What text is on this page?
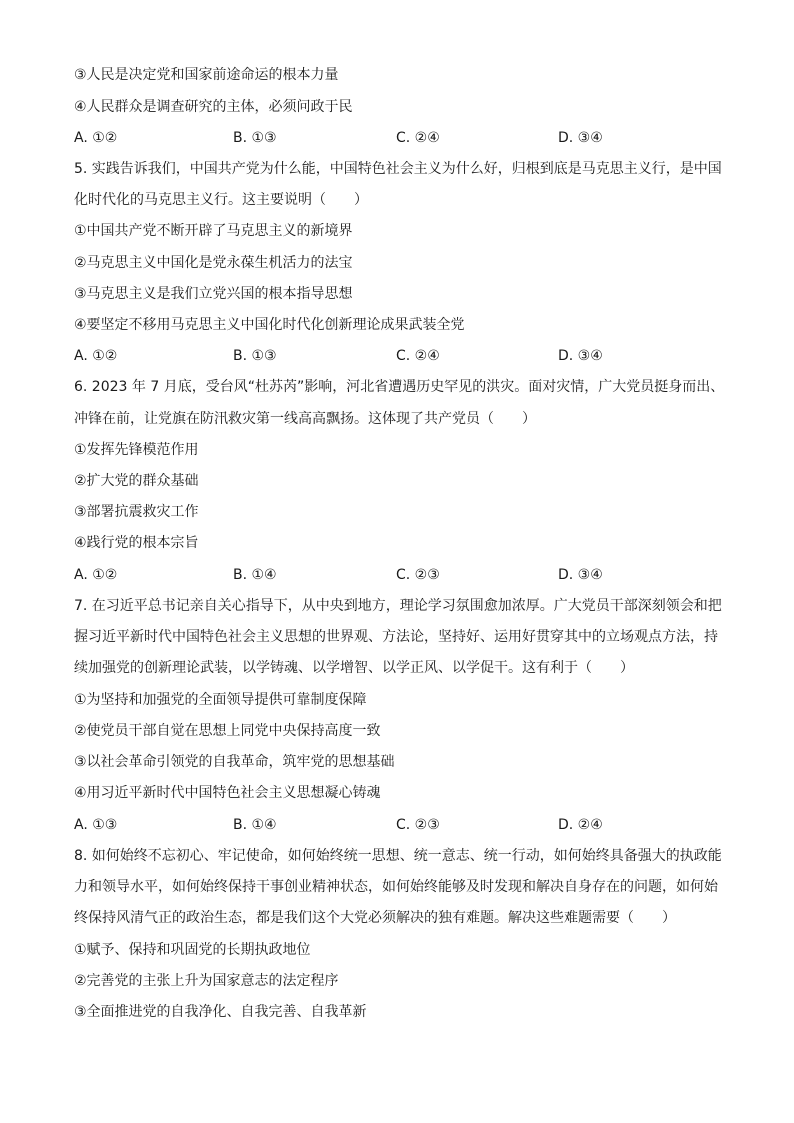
③人民是决定党和国家前途命运的根本力量
④人民群众是调查研究的主体，必须问政于民
A. ①②	B. ①③	C. ②④	D. ③④
5. 实践告诉我们，中国共产党为什么能，中国特色社会主义为什么好，归根到底是马克思主义行，是中国
化时代化的马克思主义行。这主要说明（　　）
①中国共产党不断开辟了马克思主义的新境界
②马克思主义中国化是党永葆生机活力的法宝
③马克思主义是我们立党兴国的根本指导思想
④要坚定不移用马克思主义中国化时代化创新理论成果武装全党
A. ①②	B. ①③	C. ②④	D. ③④
6. 2023 年 7 月底，受台风“杜苏芮”影响，河北省遭遇历史罕见的洪灾。面对灾情，广大党员挺身而出、
冲锋在前，让党旗在防汛救灾第一线高高飘扬。这体现了共产党员（　　）
①发挥先锋模范作用
②扩大党的群众基础
③部署抗震救灾工作
④践行党的根本宗旨
A. ①②	B. ①④	C. ②③	D. ③④
7. 在习近平总书记亲自关心指导下，从中央到地方，理论学习氛围愈加浓厚。广大党员干部深刻领会和把
握习近平新时代中国特色社会主义思想的世界观、方法论，坚持好、运用好贯穿其中的立场观点方法，持
续加强党的创新理论武装，以学铸魂、以学增智、以学正风、以学促干。这有利于（　　）
①为坚持和加强党的全面领导提供可靠制度保障
②使党员干部自觉在思想上同党中央保持高度一致
③以社会革命引领党的自我革命，筑牢党的思想基础
④用习近平新时代中国特色社会主义思想凝心铸魂
A. ①③	B. ①④	C. ②③	D. ②④
8. 如何始终不忘初心、牢记使命，如何始终统一思想、统一意志、统一行动，如何始终具备强大的执政能
力和领导水平，如何始终保持干事创业精神状态，如何始终能够及时发现和解决自身存在的问题，如何始
终保持风清气正的政治生态，都是我们这个大党必须解决的独有难题。解决这些难题需要（　　）
①赋予、保持和巩固党的长期执政地位
②完善党的主张上升为国家意志的法定程序
③全面推进党的自我净化、自我完善、自我革新
